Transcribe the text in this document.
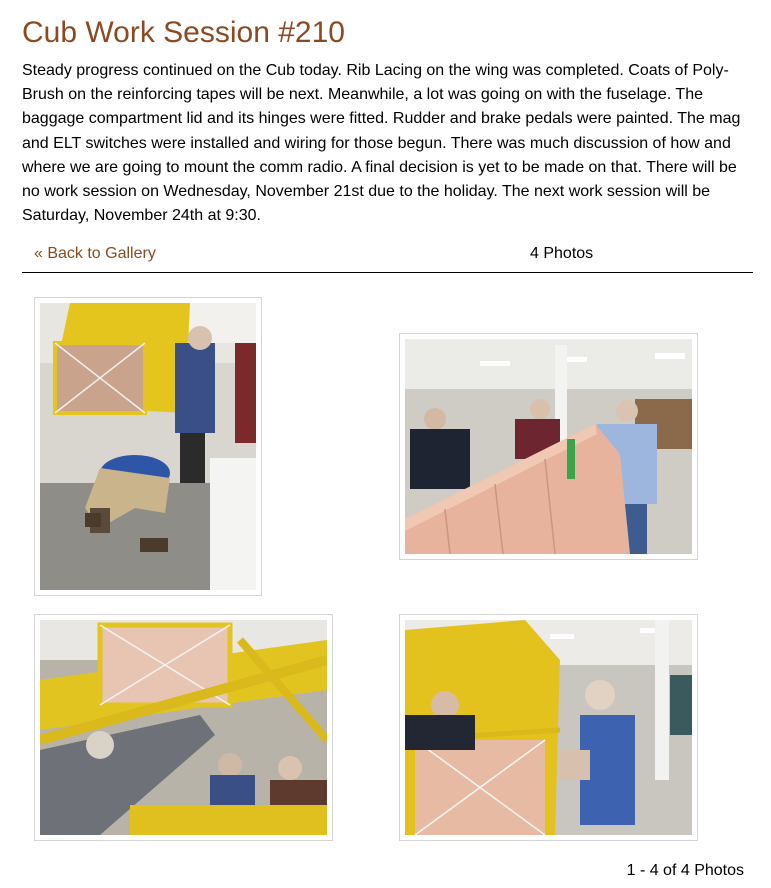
Cub Work Session #210

Steady progress continued on the Cub today. Rib Lacing on the wing was completed. Coats of Poly-Brush on the reinforcing tapes will be next. Meanwhile, a lot was going on with the fuselage. The baggage compartment lid and its hinges were fitted. Rudder and brake pedals were painted. The mag and ELT switches were installed and wiring for those begun. There was much discussion of how and where we are going to mount the comm radio. A final decision is yet to be made on that. There will be no work session on Wednesday, November 21st due to the holiday. The next work session will be Saturday, November 24th at 9:30.

« Back to Gallery	4 Photos
1 - 4 of 4 Photos
